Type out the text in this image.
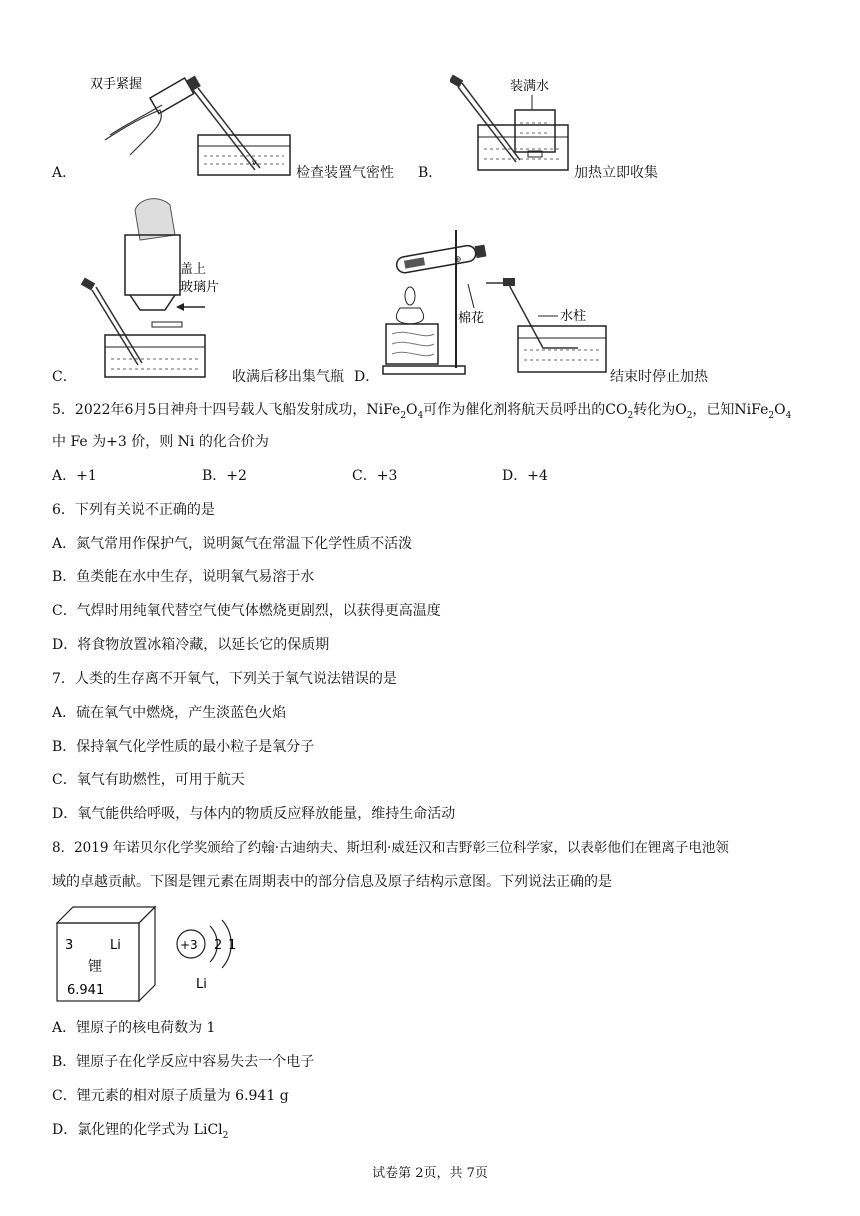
A．
双手紧握
v
检查装置气密性 B．
装满水
加热立即收集
C．
盖上
玻璃片
收满后移出集气瓶 D．
⊕
棉花	水柱
结束时停止加热
5．2022年6月5日神舟十四号载人飞船发射成功，$NiFe_2O_4$可作为催化剂将航天员呼出的$CO_2$转化为$O_2$，已知$NiFe_2O_4$
中 Fe 为+3 价，则 Ni 的化合价为
A．+1	B．+2	C．+3	D．+4
6．下列有关说不正确的是
A．氮气常用作保护气，说明氮气在常温下化学性质不活泼
B．鱼类能在水中生存，说明氧气易溶于水
C．气焊时用纯氧代替空气使气体燃烧更剧烈，以获得更高温度
D．将食物放置冰箱冷藏，以延长它的保质期
7．人类的生存离不开氧气，下列关于氧气说法错误的是
A．硫在氧气中燃烧，产生淡蓝色火焰
B．保持氧气化学性质的最小粒子是氧分子
C．氧气有助燃性，可用于航天
D．氧气能供给呼吸，与体内的物质反应释放能量，维持生命活动
8．2019 年诺贝尔化学奖颁给了约翰·古迪纳夫、斯坦利·威廷汉和吉野彰三位科学家，以表彰他们在锂离子电池领
域的卓越贡献。下图是锂元素在周期表中的部分信息及原子结构示意图。下列说法正确的是
3	Li
锂
6.941
+3 2 1
Li
A．锂原子的核电荷数为 1
B．锂原子在化学反应中容易失去一个电子
C．锂元素的相对原子质量为 6.941 g
D．氯化锂的化学式为 LiCl$_2$
试卷第 2页，共 7页
